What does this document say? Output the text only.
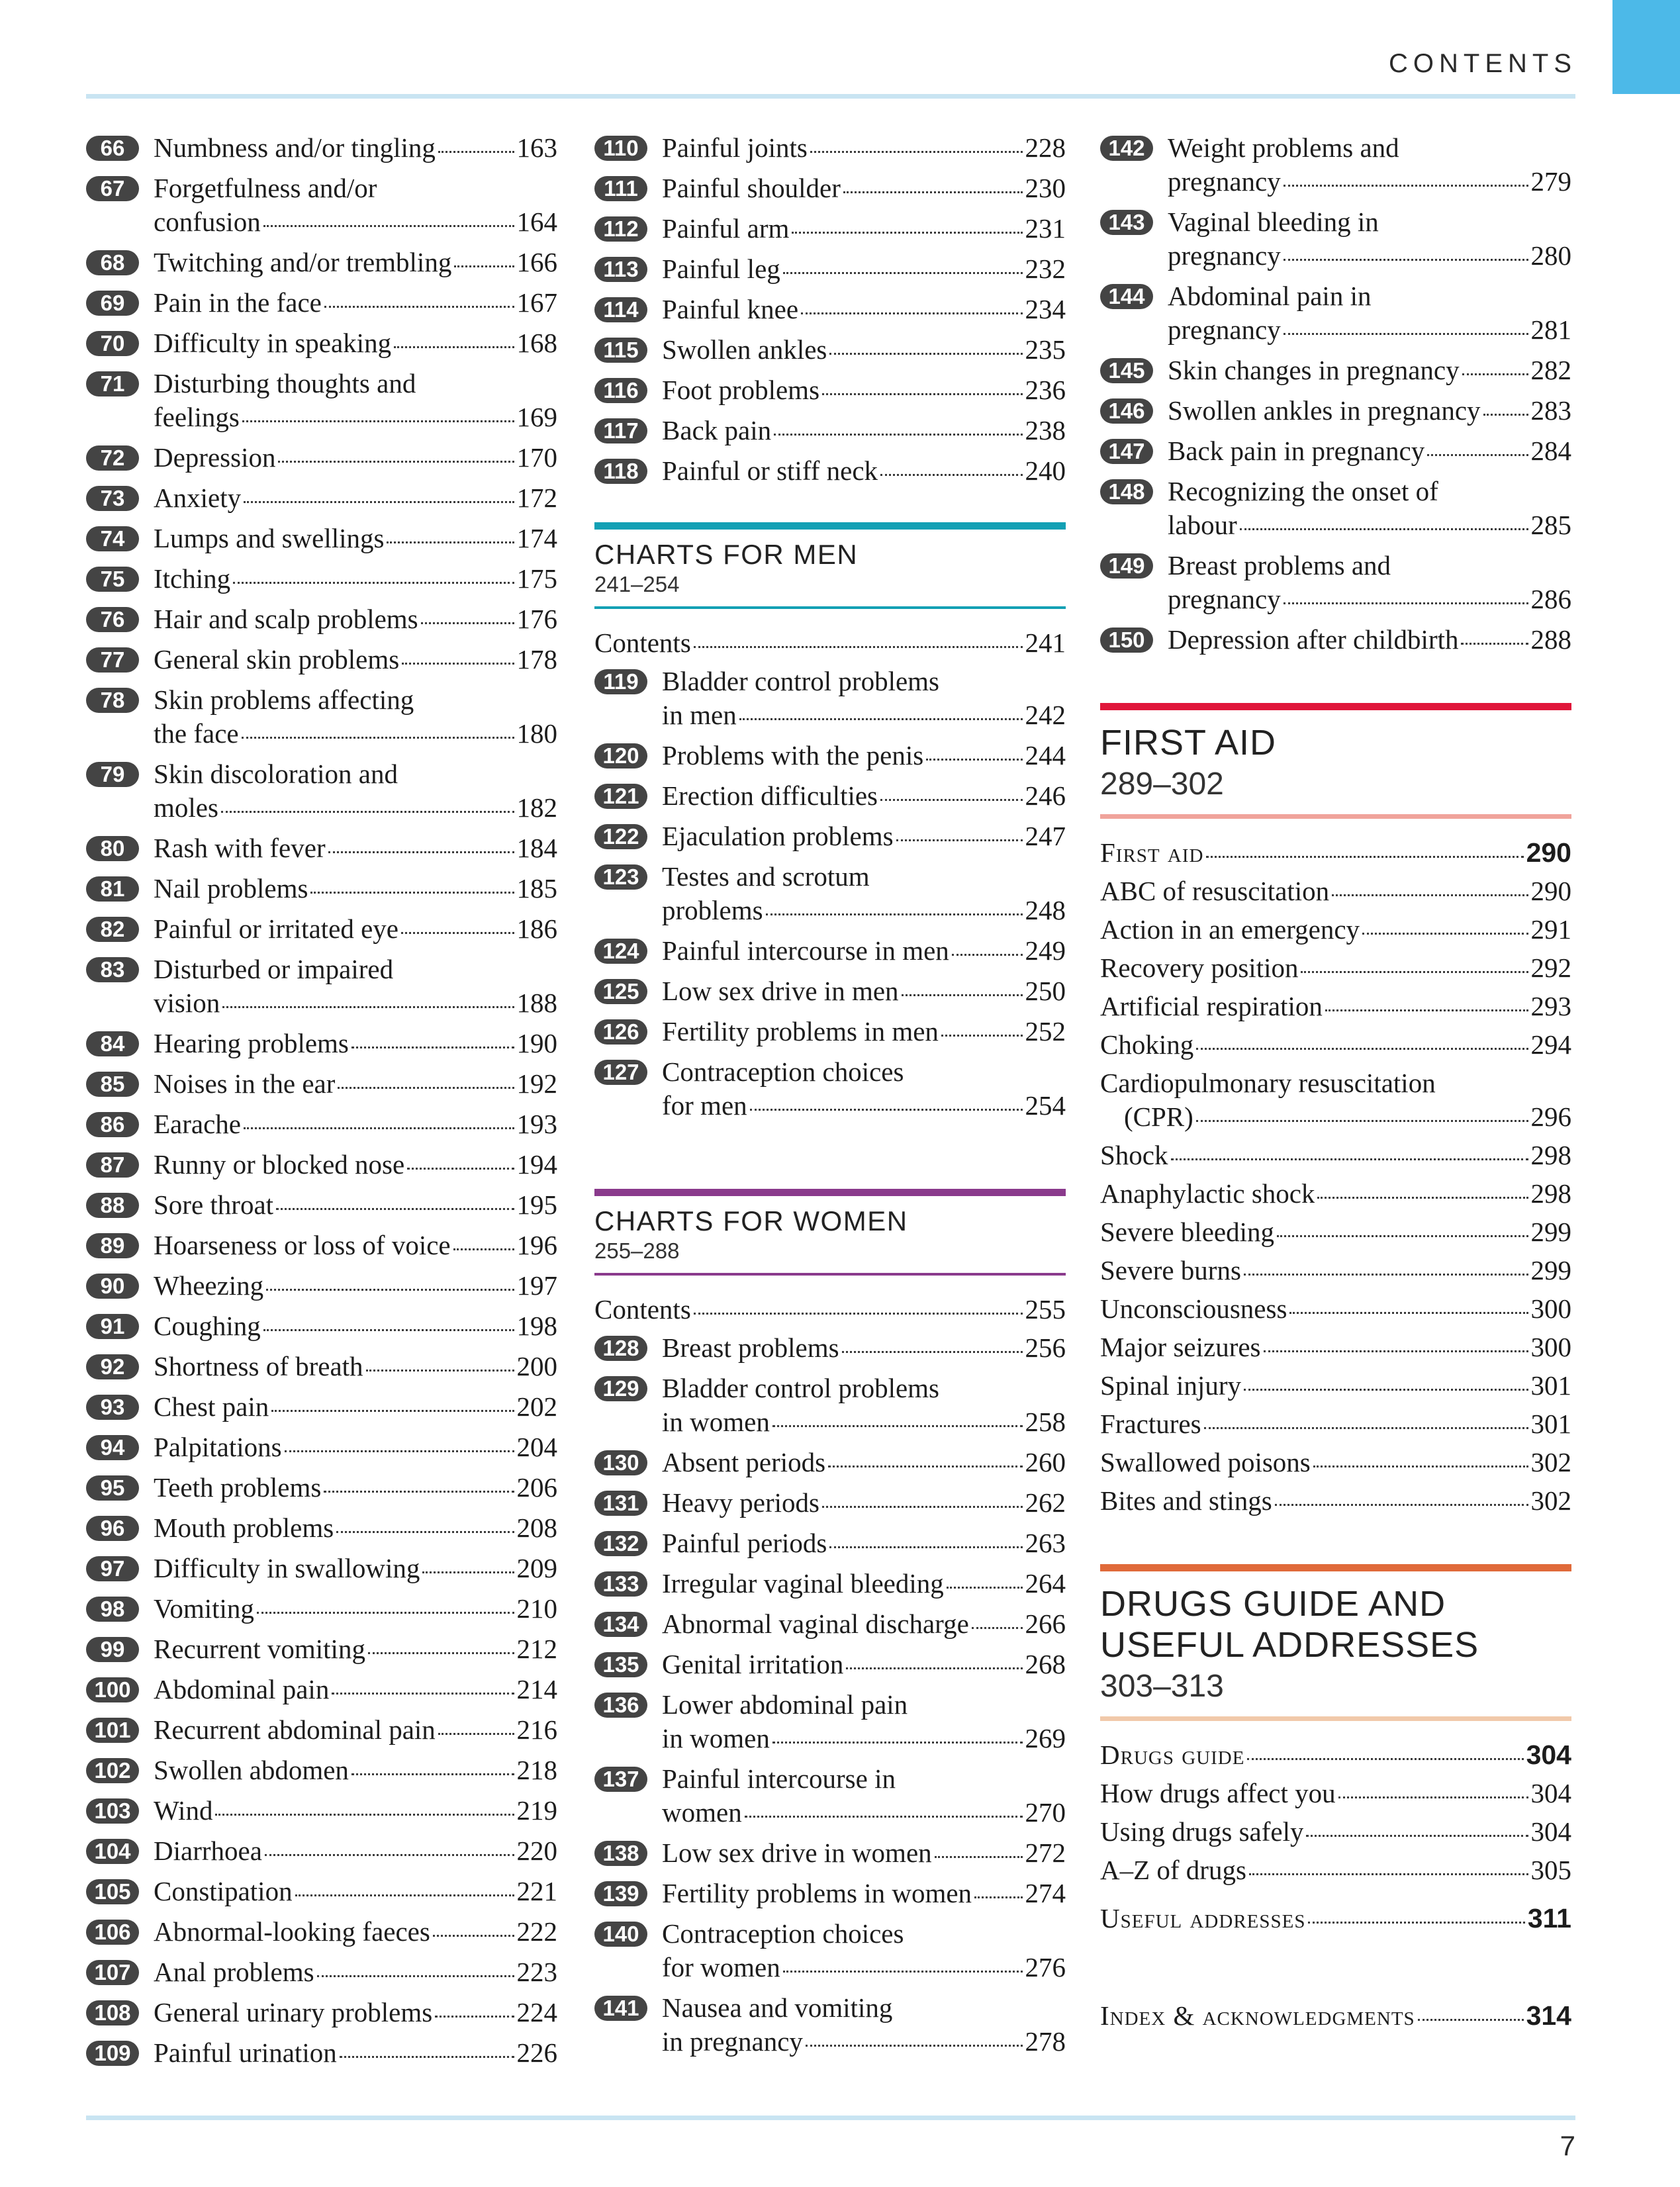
CONTENTS
66	Numbness and/or tingling	163
67	Forgetfulness and/or
confusion	164
68	Twitching and/or trembling 166
69	Pain in the face	167
70	Difficulty in speaking	168
71	Disturbing thoughts and
feelings	169
72	Depression	170
73	Anxiety	172
74	Lumps and swellings	174
75	Itching	175
76	Hair and scalp problems	176
77	General skin problems	178
78	Skin problems affecting
the face	180
79	Skin discoloration and
moles	182
80	Rash with fever	184
81	Nail problems	185
82	Painful or irritated eye	186
83	Disturbed or impaired
vision	188
84	Hearing problems	190
85	Noises in the ear	192
86	Earache	193
87	Runny or blocked nose	194
88	Sore throat	195
89	Hoarseness or loss of voice 196
90	Wheezing	197
91	Coughing	198
92	Shortness of breath	200
93	Chest pain	202
94	Palpitations	204
95	Teeth problems	206
96	Mouth problems	208
97	Difficulty in swallowing	209
98	Vomiting	210
99	Recurrent vomiting	212
100 Abdominal pain	214
101 Recurrent abdominal pain	216
102 Swollen abdomen	218
103 Wind	219
104 Diarrhoea	220
105 Constipation	221
106 Abnormal-looking faeces	222
107 Anal problems	223
108 General urinary problems	224
109 Painful urination	226
110 Painful joints	228
111 Painful shoulder	230
112 Painful arm	231
113 Painful leg	232
114 Painful knee	234
115 Swollen ankles	235
116 Foot problems	236
117 Back pain	238
118 Painful or stiff neck	240
CHARTS FOR MEN
241–254
Contents	241
119 Bladder control problems
in men	242
120 Problems with the penis	244
121 Erection difficulties	246
122 Ejaculation problems	247
123 Testes and scrotum
problems	248
124 Painful intercourse in men	249
125 Low sex drive in men	250
126 Fertility problems in men	252
127 Contraception choices
for men	254
CHARTS FOR WOMEN
255–288
Contents	255
128 Breast problems	256
129 Bladder control problems
in women	258
130 Absent periods	260
131 Heavy periods	262
132 Painful periods	263
133 Irregular vaginal bleeding	264
134 Abnormal vaginal discharge 266
135 Genital irritation	268
136 Lower abdominal pain
in women	269
137 Painful intercourse in
women	270
138 Low sex drive in women	272
139 Fertility problems in women 274
140 Contraception choices
for women	276
141 Nausea and vomiting
in pregnancy	278
142 Weight problems and
pregnancy	279
143 Vaginal bleeding in
pregnancy	280
144 Abdominal pain in
pregnancy	281
145 Skin changes in pregnancy	282
146 Swollen ankles in pregnancy 283
147 Back pain in pregnancy	284
148 Recognizing the onset of
labour	285
149 Breast problems and
pregnancy	286
150 Depression after childbirth	288
FIRST AID
289–302
First aid	290
ABC of resuscitation	290
Action in an emergency	291
Recovery position	292
Artificial respiration	293
Choking	294
Cardiopulmonary resuscitation
(CPR)	296
Shock	298
Anaphylactic shock	298
Severe bleeding	299
Severe burns	299
Unconsciousness	300
Major seizures	300
Spinal injury	301
Fractures	301
Swallowed poisons	302
Bites and stings	302
DRUGS GUIDE AND
USEFUL ADDRESSES
303–313
Drugs guide	304
How drugs affect you	304
Using drugs safely	304
A–Z of drugs	305
Useful addresses	311
Index & acknowledgments	314
7
